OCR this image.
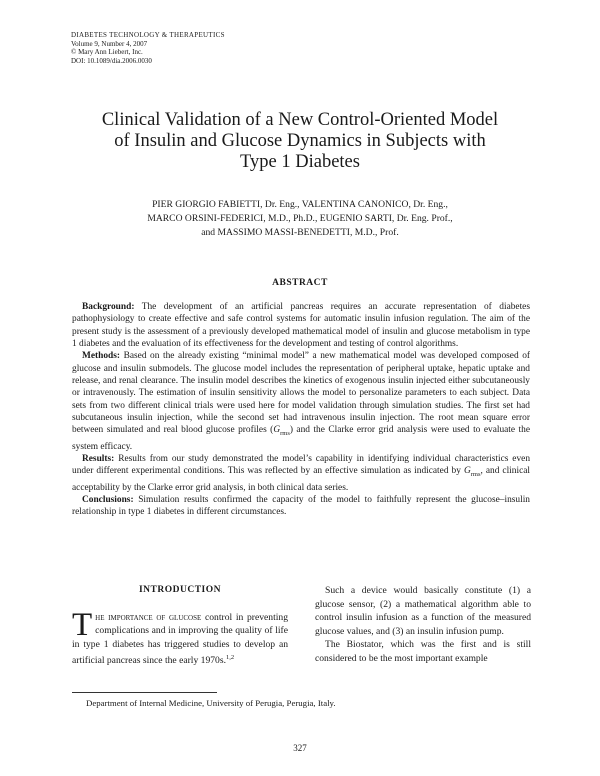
DIABETES TECHNOLOGY & THERAPEUTICS
Volume 9, Number 4, 2007
© Mary Ann Liebert, Inc.
DOI: 10.1089/dia.2006.0030
Clinical Validation of a New Control-Oriented Model
of Insulin and Glucose Dynamics in Subjects with
Type 1 Diabetes
PIER GIORGIO FABIETTI, Dr. Eng., VALENTINA CANONICO, Dr. Eng.,
MARCO ORSINI-FEDERICI, M.D., Ph.D., EUGENIO SARTI, Dr. Eng. Prof.,
and MASSIMO MASSI-BENEDETTI, M.D., Prof.
ABSTRACT

Background: The development of an artificial pancreas requires an accurate representation of diabetes pathophysiology to create effective and safe control systems for automatic insulin infusion regulation. The aim of the present study is the assessment of a previously developed mathematical model of insulin and glucose metabolism in type 1 diabetes and the evaluation of its effectiveness for the development and testing of control algorithms.

Methods: Based on the already existing “minimal model” a new mathematical model was developed composed of glucose and insulin submodels. The glucose model includes the representation of peripheral uptake, hepatic uptake and release, and renal clearance. The insulin model describes the kinetics of exogenous insulin injected either subcutaneously or intravenously. The estimation of insulin sensitivity allows the model to personalize parameters to each subject. Data sets from two different clinical trials were used here for model validation through simulation studies. The first set had subcutaneous insulin injection, while the second set had intravenous insulin injection. The root mean square error between simulated and real blood glucose profiles $(G_{rms})$ and the Clarke error grid analysis were used to evaluate the system efficacy.

Results: Results from our study demonstrated the model’s capability in identifying individual characteristics even under different experimental conditions. This was reflected by an effective simulation as indicated by $G_{rms}$, and clinical acceptability by the Clarke error grid analysis, in both clinical data series.

Conclusions: Simulation results confirmed the capacity of the model to faithfully represent the glucose–insulin relationship in type 1 diabetes in different circumstances.

INTRODUCTION

The importance of glucose control in preventing complications and in improving the quality of life in type 1 diabetes has triggered studies to develop an artificial pancreas since the early 1970s.$^{1,2}$

Such a device would basically constitute (1) a glucose sensor, (2) a mathematical algorithm able to control insulin infusion as a function of the measured glucose values, and (3) an insulin infusion pump.

The Biostator, which was the first and is still considered to be the most important example

Department of Internal Medicine, University of Perugia, Perugia, Italy.
327
